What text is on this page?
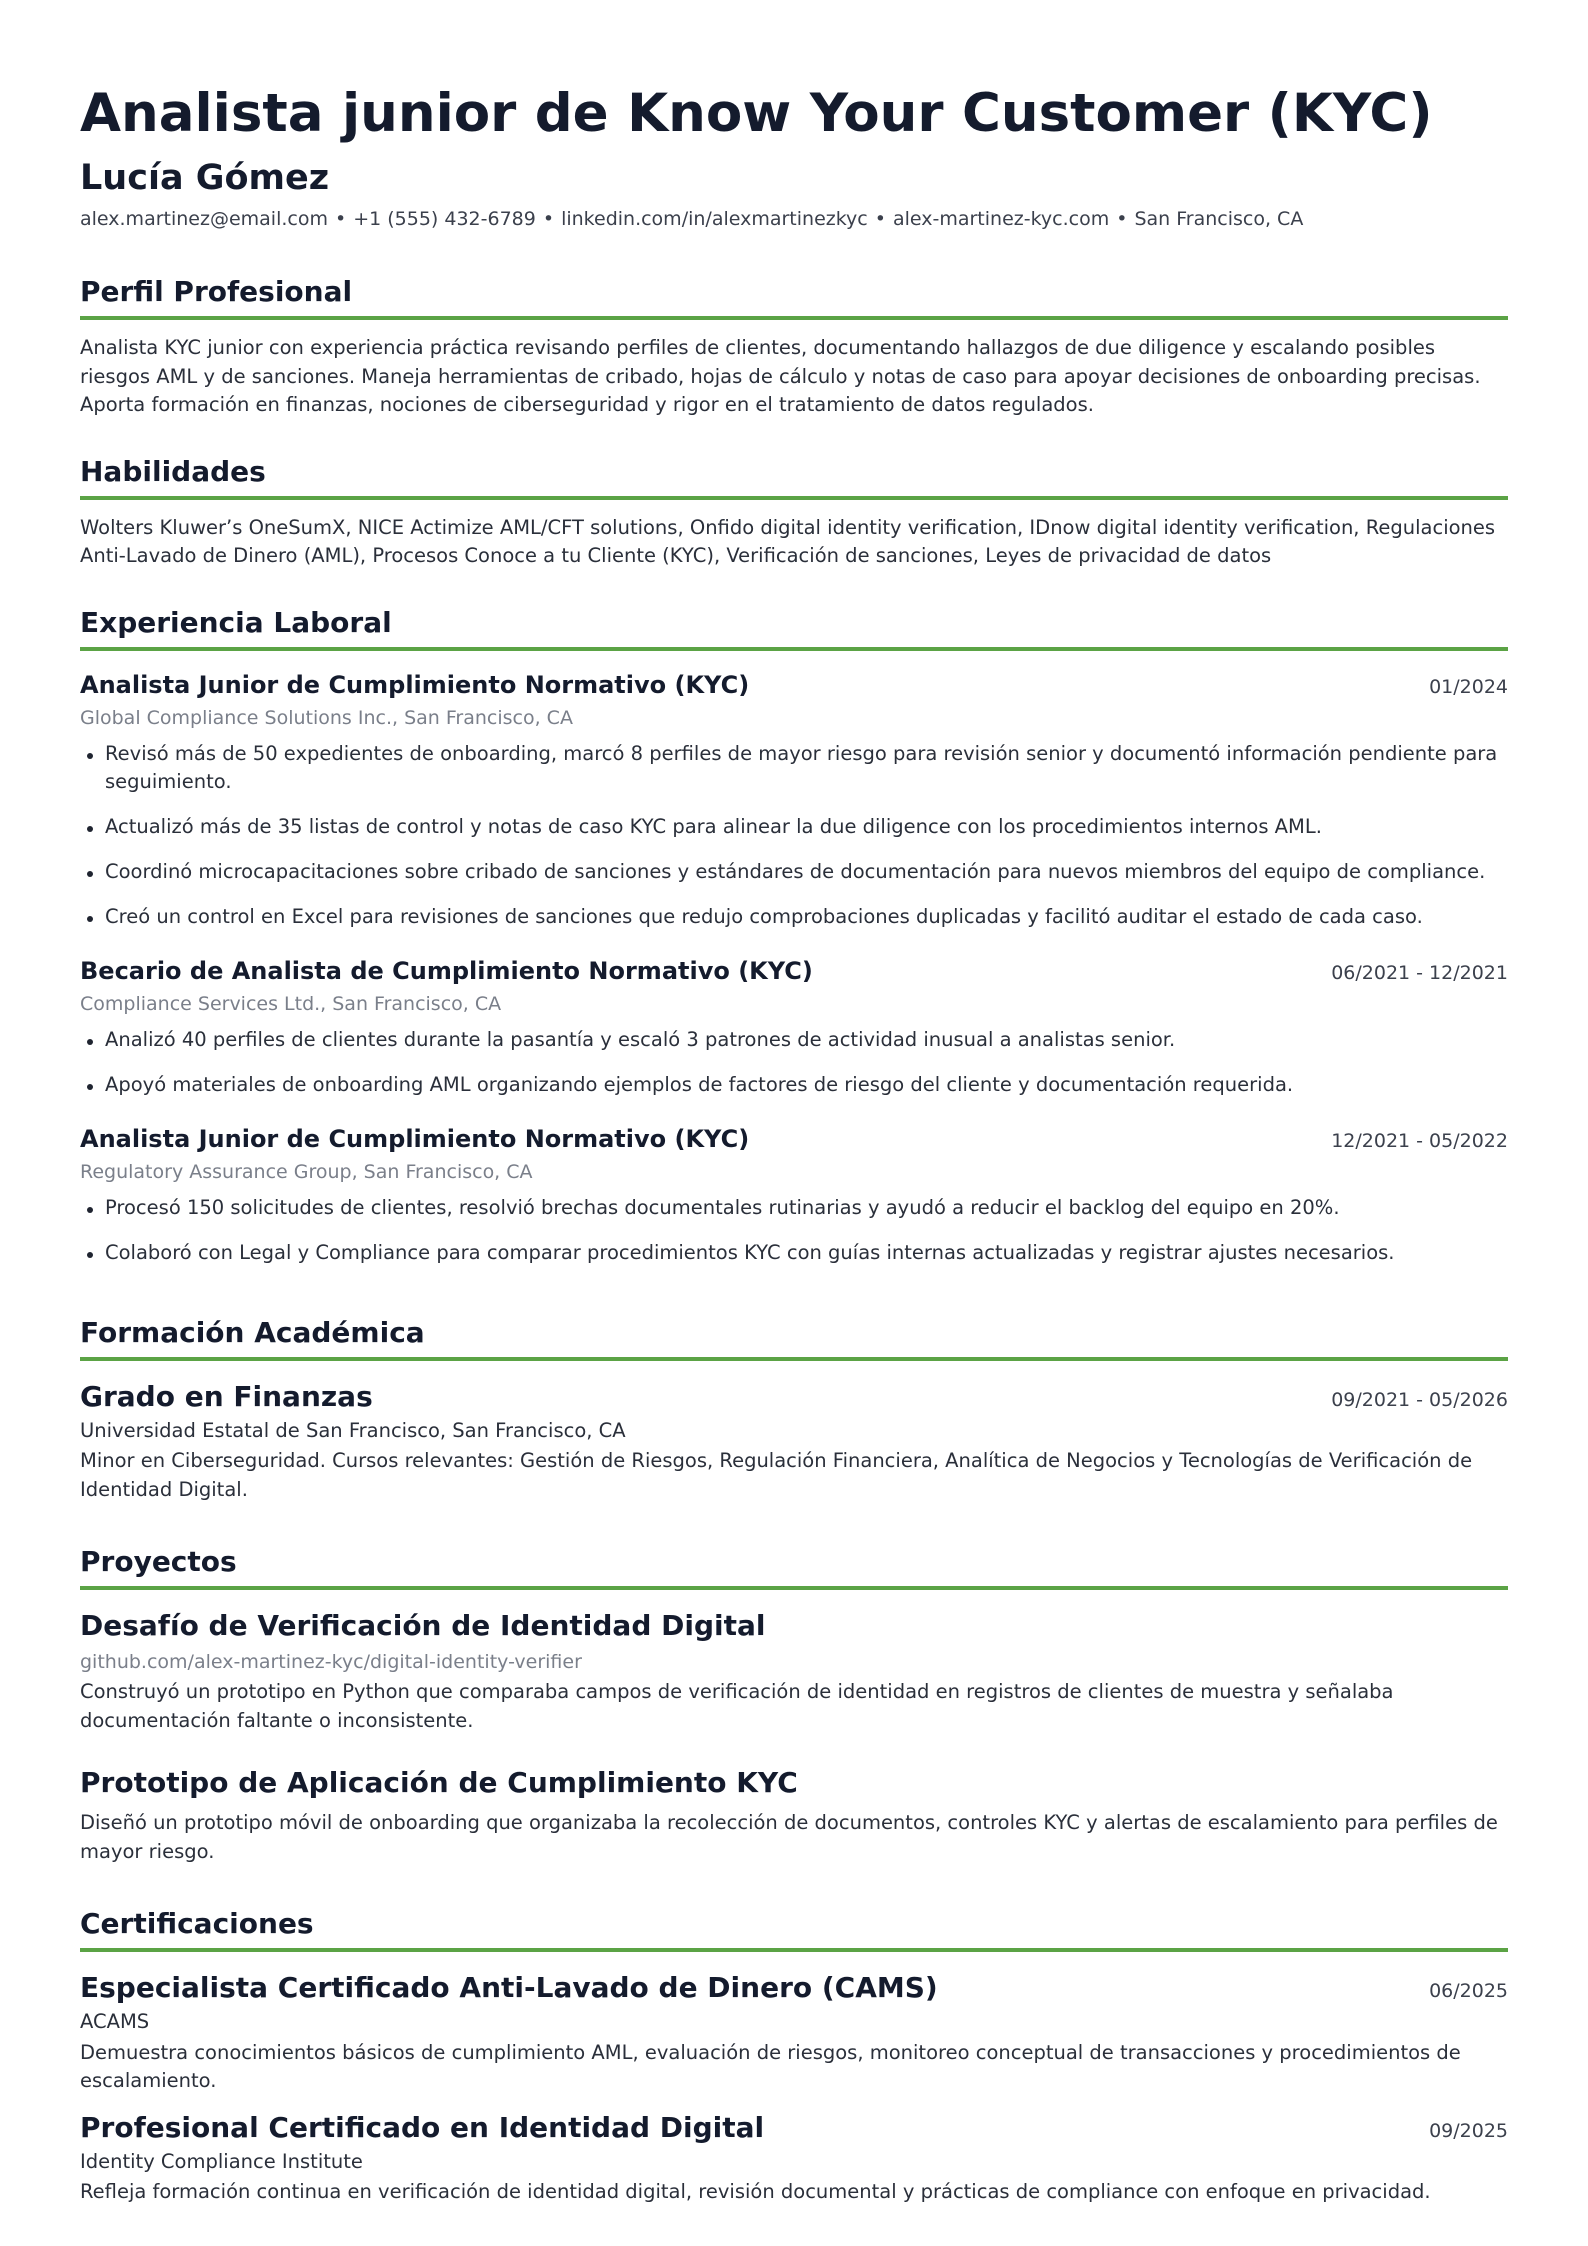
Analista junior de Know Your Customer (KYC)
Lucía Gómez
alex.martinez@email.com • +1 (555) 432-6789 • linkedin.com/in/alexmartinezkyc • alex-martinez-kyc.com • San Francisco, CA
Perfil Profesional

Analista KYC junior con experiencia práctica revisando perfiles de clientes, documentando hallazgos de due diligence y escalando posibles riesgos AML y de sanciones. Maneja herramientas de cribado, hojas de cálculo y notas de caso para apoyar decisiones de onboarding precisas. Aporta formación en finanzas, nociones de ciberseguridad y rigor en el tratamiento de datos regulados.

Habilidades

Wolters Kluwer’s OneSumX, NICE Actimize AML/CFT solutions, Onfido digital identity verification, IDnow digital identity verification, Regulaciones Anti-Lavado de Dinero (AML), Procesos Conoce a tu Cliente (KYC), Verificación de sanciones, Leyes de privacidad de datos

Experiencia Laboral
Analista Junior de Cumplimiento Normativo (KYC)	01/2024
Global Compliance Solutions Inc., San Francisco, CA
Revisó más de 50 expedientes de onboarding, marcó 8 perfiles de mayor riesgo para revisión senior y documentó información pendiente para seguimiento.
Actualizó más de 35 listas de control y notas de caso KYC para alinear la due diligence con los procedimientos internos AML.
Coordinó microcapacitaciones sobre cribado de sanciones y estándares de documentación para nuevos miembros del equipo de compliance.
Creó un control en Excel para revisiones de sanciones que redujo comprobaciones duplicadas y facilitó auditar el estado de cada caso.
Becario de Analista de Cumplimiento Normativo (KYC)	06/2021 - 12/2021
Compliance Services Ltd., San Francisco, CA
Analizó 40 perfiles de clientes durante la pasantía y escaló 3 patrones de actividad inusual a analistas senior.
Apoyó materiales de onboarding AML organizando ejemplos de factores de riesgo del cliente y documentación requerida.
Analista Junior de Cumplimiento Normativo (KYC)	12/2021 - 05/2022
Regulatory Assurance Group, San Francisco, CA
Procesó 150 solicitudes de clientes, resolvió brechas documentales rutinarias y ayudó a reducir el backlog del equipo en 20%.
Colaboró con Legal y Compliance para comparar procedimientos KYC con guías internas actualizadas y registrar ajustes necesarios.
Formación Académica
Grado en Finanzas	09/2021 - 05/2026
Universidad Estatal de San Francisco, San Francisco, CA
Minor en Ciberseguridad. Cursos relevantes: Gestión de Riesgos, Regulación Financiera, Analítica de Negocios y Tecnologías de Verificación de Identidad Digital.
Proyectos
Desafío de Verificación de Identidad Digital
github.com/alex-martinez-kyc/digital-identity-verifier
Construyó un prototipo en Python que comparaba campos de verificación de identidad en registros de clientes de muestra y señalaba documentación faltante o inconsistente.
Prototipo de Aplicación de Cumplimiento KYC
Diseñó un prototipo móvil de onboarding que organizaba la recolección de documentos, controles KYC y alertas de escalamiento para perfiles de mayor riesgo.
Certificaciones
Especialista Certificado Anti-Lavado de Dinero (CAMS)	06/2025
ACAMS
Demuestra conocimientos básicos de cumplimiento AML, evaluación de riesgos, monitoreo conceptual de transacciones y procedimientos de escalamiento.
Profesional Certificado en Identidad Digital	09/2025
Identity Compliance Institute
Refleja formación continua en verificación de identidad digital, revisión documental y prácticas de compliance con enfoque en privacidad.
